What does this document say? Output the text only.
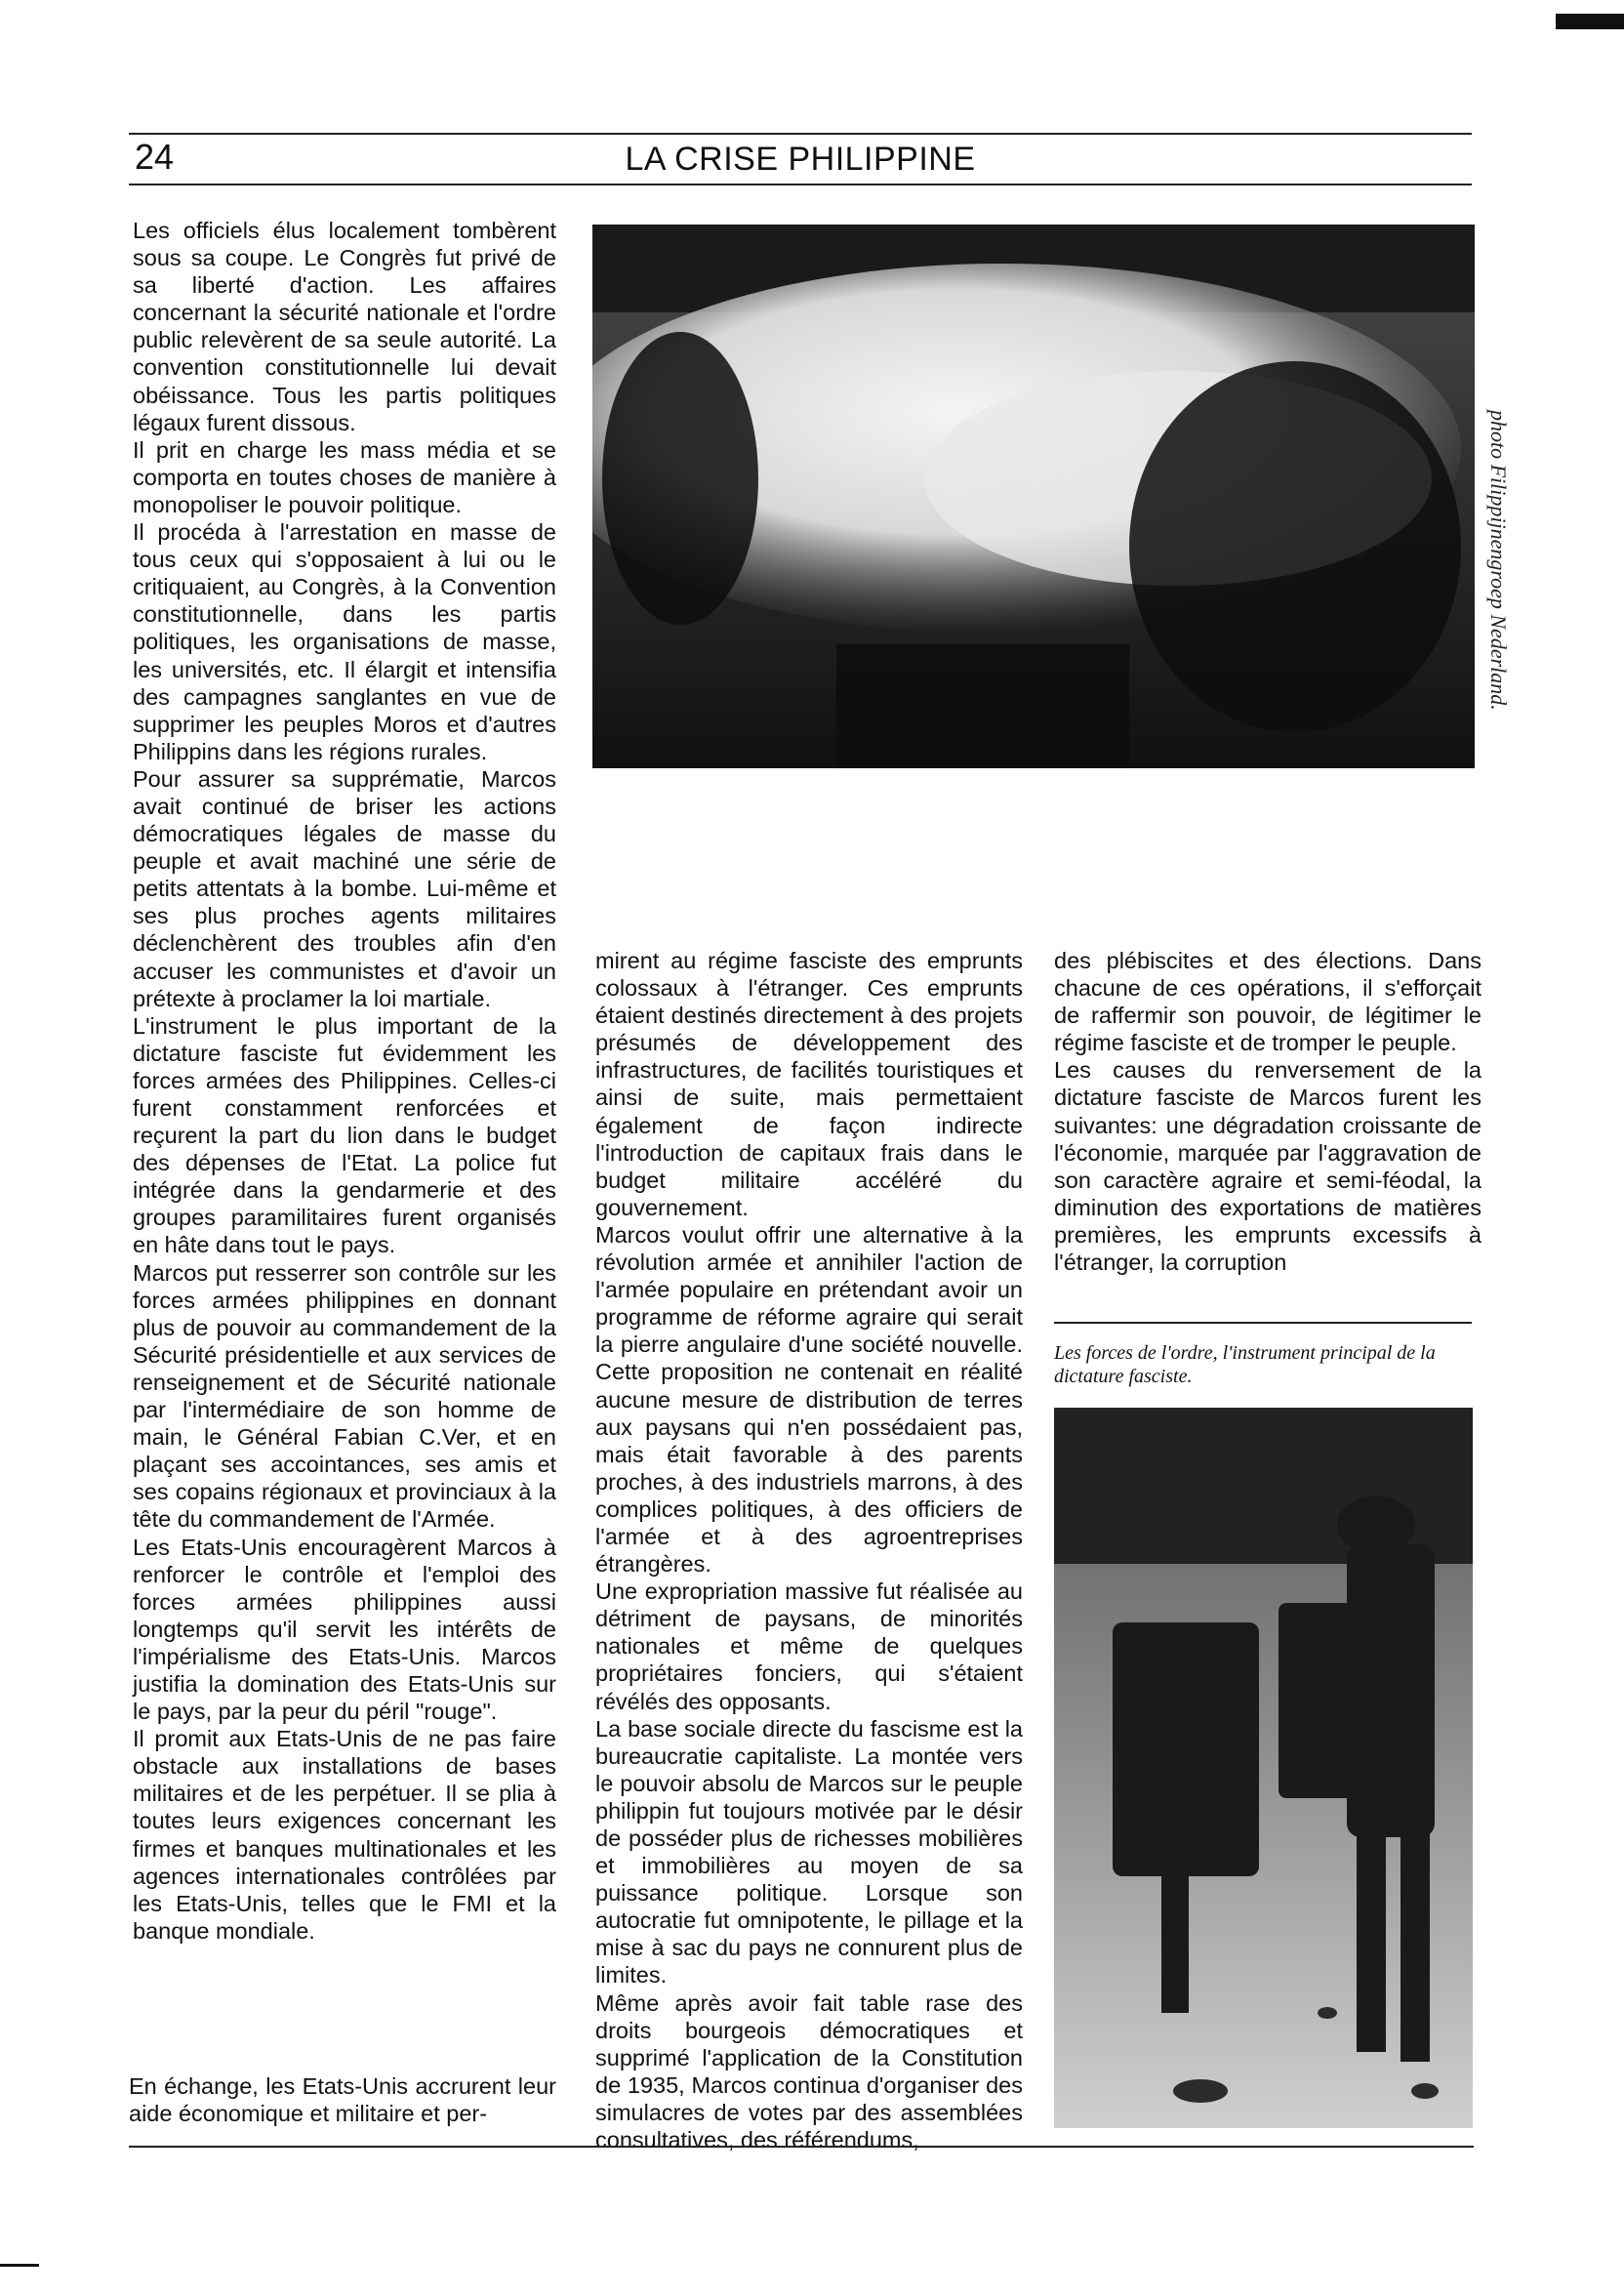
24	LA CRISE PHILIPPINE

Les officiels élus localement tombèrent sous sa coupe. Le Congrès fut privé de sa liberté d'action. Les affaires concernant la sécurité nationale et l'ordre public relevèrent de sa seule autorité. La convention constitutionnelle lui devait obéissance. Tous les partis politiques légaux furent dissous.

Il prit en charge les mass média et se comporta en toutes choses de manière à monopoliser le pouvoir politique.

Il procéda à l'arrestation en masse de tous ceux qui s'opposaient à lui ou le critiquaient, au Congrès, à la Convention constitutionnelle, dans les partis politiques, les organisations de masse, les universités, etc. Il élargit et intensifia des campagnes sanglantes en vue de supprimer les peuples Moros et d'autres Philippins dans les régions rurales.

Pour assurer sa supprématie, Marcos avait continué de briser les actions démocratiques légales de masse du peuple et avait machiné une série de petits attentats à la bombe. Lui-même et ses plus proches agents militaires déclenchèrent des troubles afin d'en accuser les communistes et d'avoir un prétexte à proclamer la loi martiale.

L'instrument le plus important de la dictature fasciste fut évidemment les forces armées des Philippines. Celles-ci furent constamment renforcées et reçurent la part du lion dans le budget des dépenses de l'Etat. La police fut intégrée dans la gendarmerie et des groupes paramilitaires furent organisés en hâte dans tout le pays.

Marcos put resserrer son contrôle sur les forces armées philippines en donnant plus de pouvoir au commandement de la Sécurité présidentielle et aux services de renseignement et de Sécurité nationale par l'intermédiaire de son homme de main, le Général Fabian C.Ver, et en plaçant ses accointances, ses amis et ses copains régionaux et provinciaux à la tête du commandement de l'Armée.

Les Etats-Unis encouragèrent Marcos à renforcer le contrôle et l'emploi des forces armées philippines aussi longtemps qu'il servit les intérêts de l'impérialisme des Etats-Unis. Marcos justifia la domination des Etats-Unis sur le pays, par la peur du péril "rouge".

Il promit aux Etats-Unis de ne pas faire obstacle aux installations de bases militaires et de les perpétuer. Il se plia à toutes leurs exigences concernant les firmes et banques multinationales et les agences internationales contrôlées par les Etats-Unis, telles que le FMI et la banque mondiale.

En échange, les Etats-Unis accrurent leur aide économique et militaire et per-

photo Filippijnengroep Nederland.

mirent au régime fasciste des emprunts colossaux à l'étranger. Ces emprunts étaient destinés directement à des projets présumés de développement des infrastructures, de facilités touristiques et ainsi de suite, mais permettaient également de façon indirecte l'introduction de capitaux frais dans le budget militaire accéléré du gouvernement.

Marcos voulut offrir une alternative à la révolution armée et annihiler l'action de l'armée populaire en prétendant avoir un programme de réforme agraire qui serait la pierre angulaire d'une société nouvelle. Cette proposition ne contenait en réalité aucune mesure de distribution de terres aux paysans qui n'en possédaient pas, mais était favorable à des parents proches, à des industriels marrons, à des complices politiques, à des officiers de l'armée et à des agroentreprises étrangères.

Une expropriation massive fut réalisée au détriment de paysans, de minorités nationales et même de quelques propriétaires fonciers, qui s'étaient révélés des opposants.

La base sociale directe du fascisme est la bureaucratie capitaliste. La montée vers le pouvoir absolu de Marcos sur le peuple philippin fut toujours motivée par le désir de posséder plus de richesses mobilières et immobilières au moyen de sa puissance politique. Lorsque son autocratie fut omnipotente, le pillage et la mise à sac du pays ne connurent plus de limites.

Même après avoir fait table rase des droits bourgeois démocratiques et supprimé l'application de la Constitution de 1935, Marcos continua d'organiser des simulacres de votes par des assemblées consultatives, des référendums,

des plébiscites et des élections. Dans chacune de ces opérations, il s'efforçait de raffermir son pouvoir, de légitimer le régime fasciste et de tromper le peuple.

Les causes du renversement de la dictature fasciste de Marcos furent les suivantes: une dégradation croissante de l'économie, marquée par l'aggravation de son caractère agraire et semi-féodal, la diminution des exportations de matières premières, les emprunts excessifs à l'étranger, la corruption

Les forces de l'ordre, l'instrument principal de la dictature fasciste.
